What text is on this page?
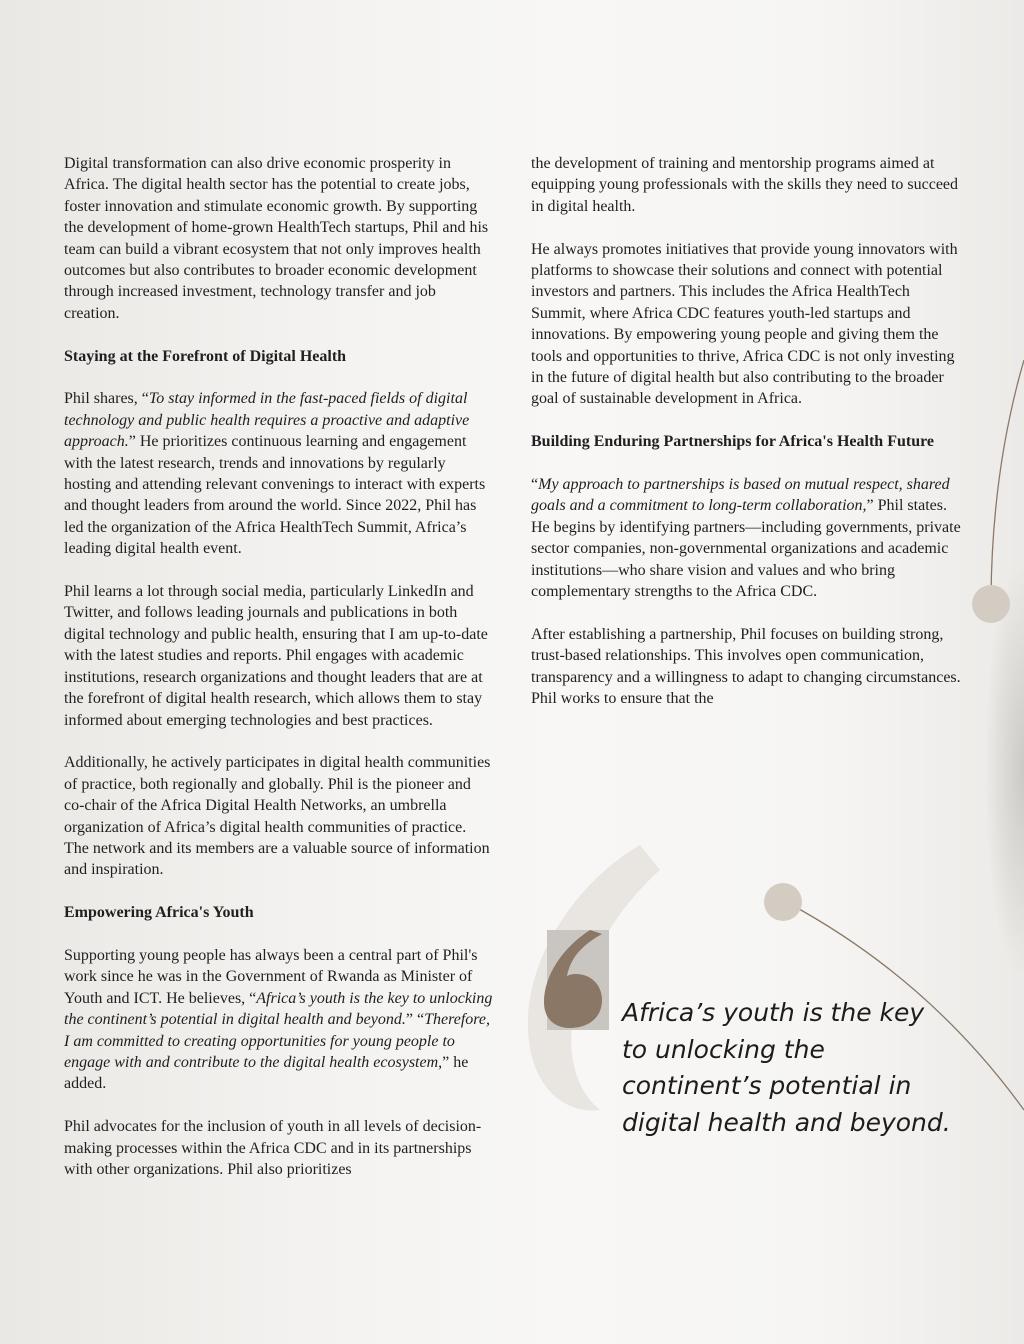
Digital transformation can also drive economic prosperity in Africa. The digital health sector has the potential to create jobs, foster innovation and stimulate economic growth. By supporting the development of home-grown HealthTech startups, Phil and his team can build a vibrant ecosystem that not only improves health outcomes but also contributes to broader economic development through increased investment, technology transfer and job creation.

Staying at the Forefront of Digital Health

Phil shares, “To stay informed in the fast-paced fields of digital technology and public health requires a proactive and adaptive approach.” He prioritizes continuous learning and engagement with the latest research, trends and innovations by regularly hosting and attending relevant convenings to interact with experts and thought leaders from around the world. Since 2022, Phil has led the organization of the Africa HealthTech Summit, Africa’s leading digital health event.

Phil learns a lot through social media, particularly LinkedIn and Twitter, and follows leading journals and publications in both digital technology and public health, ensuring that I am up-to-date with the latest studies and reports. Phil engages with academic institutions, research organizations and thought leaders that are at the forefront of digital health research, which allows them to stay informed about emerging technologies and best practices.

Additionally, he actively participates in digital health communities of practice, both regionally and globally. Phil is the pioneer and co-chair of the Africa Digital Health Networks, an umbrella organization of Africa’s digital health communities of practice. The network and its members are a valuable source of information and inspiration.

Empowering Africa's Youth

Supporting young people has always been a central part of Phil's work since he was in the Government of Rwanda as Minister of Youth and ICT. He believes, “Africa’s youth is the key to unlocking the continent’s potential in digital health and beyond.” “Therefore, I am committed to creating opportunities for young people to engage with and contribute to the digital health ecosystem,” he added.

Phil advocates for the inclusion of youth in all levels of decision-making processes within the Africa CDC and in its partnerships with other organizations. Phil also prioritizes

the development of training and mentorship programs aimed at equipping young professionals with the skills they need to succeed in digital health.

He always promotes initiatives that provide young innovators with platforms to showcase their solutions and connect with potential investors and partners. This includes the Africa HealthTech Summit, where Africa CDC features youth-led startups and innovations. By empowering young people and giving them the tools and opportunities to thrive, Africa CDC is not only investing in the future of digital health but also contributing to the broader goal of sustainable development in Africa.

Building Enduring Partnerships for Africa's Health Future

“My approach to partnerships is based on mutual respect, shared goals and a commitment to long-term collaboration,” Phil states. He begins by identifying partners—including governments, private sector companies, non-governmental organizations and academic institutions—who share vision and values and who bring complementary strengths to the Africa CDC.

After establishing a partnership, Phil focuses on building strong, trust-based relationships. This involves open communication, transparency and a willingness to adapt to changing circumstances. Phil works to ensure that the

Africa’s youth is the key to unlocking the continent’s potential in digital health and beyond.
